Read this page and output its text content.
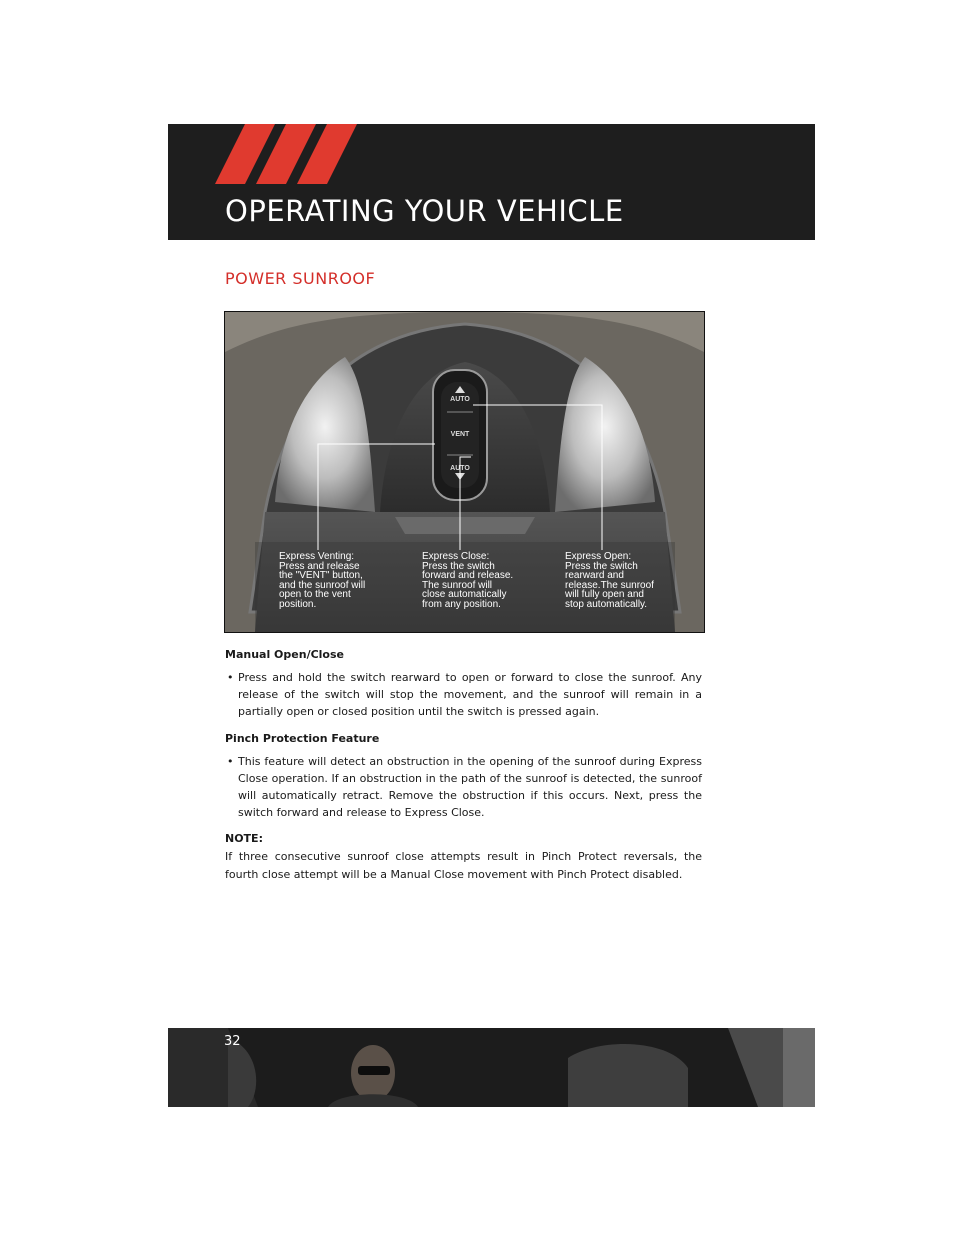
OPERATING YOUR VEHICLE
POWER SUNROOF
AUTO
VENT
AUTO
Express Venting:
Press and release
the "VENT" button,
and the sunroof will
open to the vent
position.
Express Close:
Press the switch
forward and release.
The sunroof will
close automatically
from any position.
Express Open:
Press the switch
rearward and
release.The sunroof
will fully open and
stop automatically.
Manual Open/Close
• Press and hold the switch rearward to open or forward to close the sunroof. Any release of the switch will stop the movement, and the sunroof will remain in a partially open or closed position until the switch is pressed again.
Pinch Protection Feature
• This feature will detect an obstruction in the opening of the sunroof during Express Close operation. If an obstruction in the path of the sunroof is detected, the sunroof will automatically retract. Remove the obstruction if this occurs. Next, press the switch forward and release to Express Close.
NOTE:
If three consecutive sunroof close attempts result in Pinch Protect reversals, the fourth close attempt will be a Manual Close movement with Pinch Protect disabled.
32
